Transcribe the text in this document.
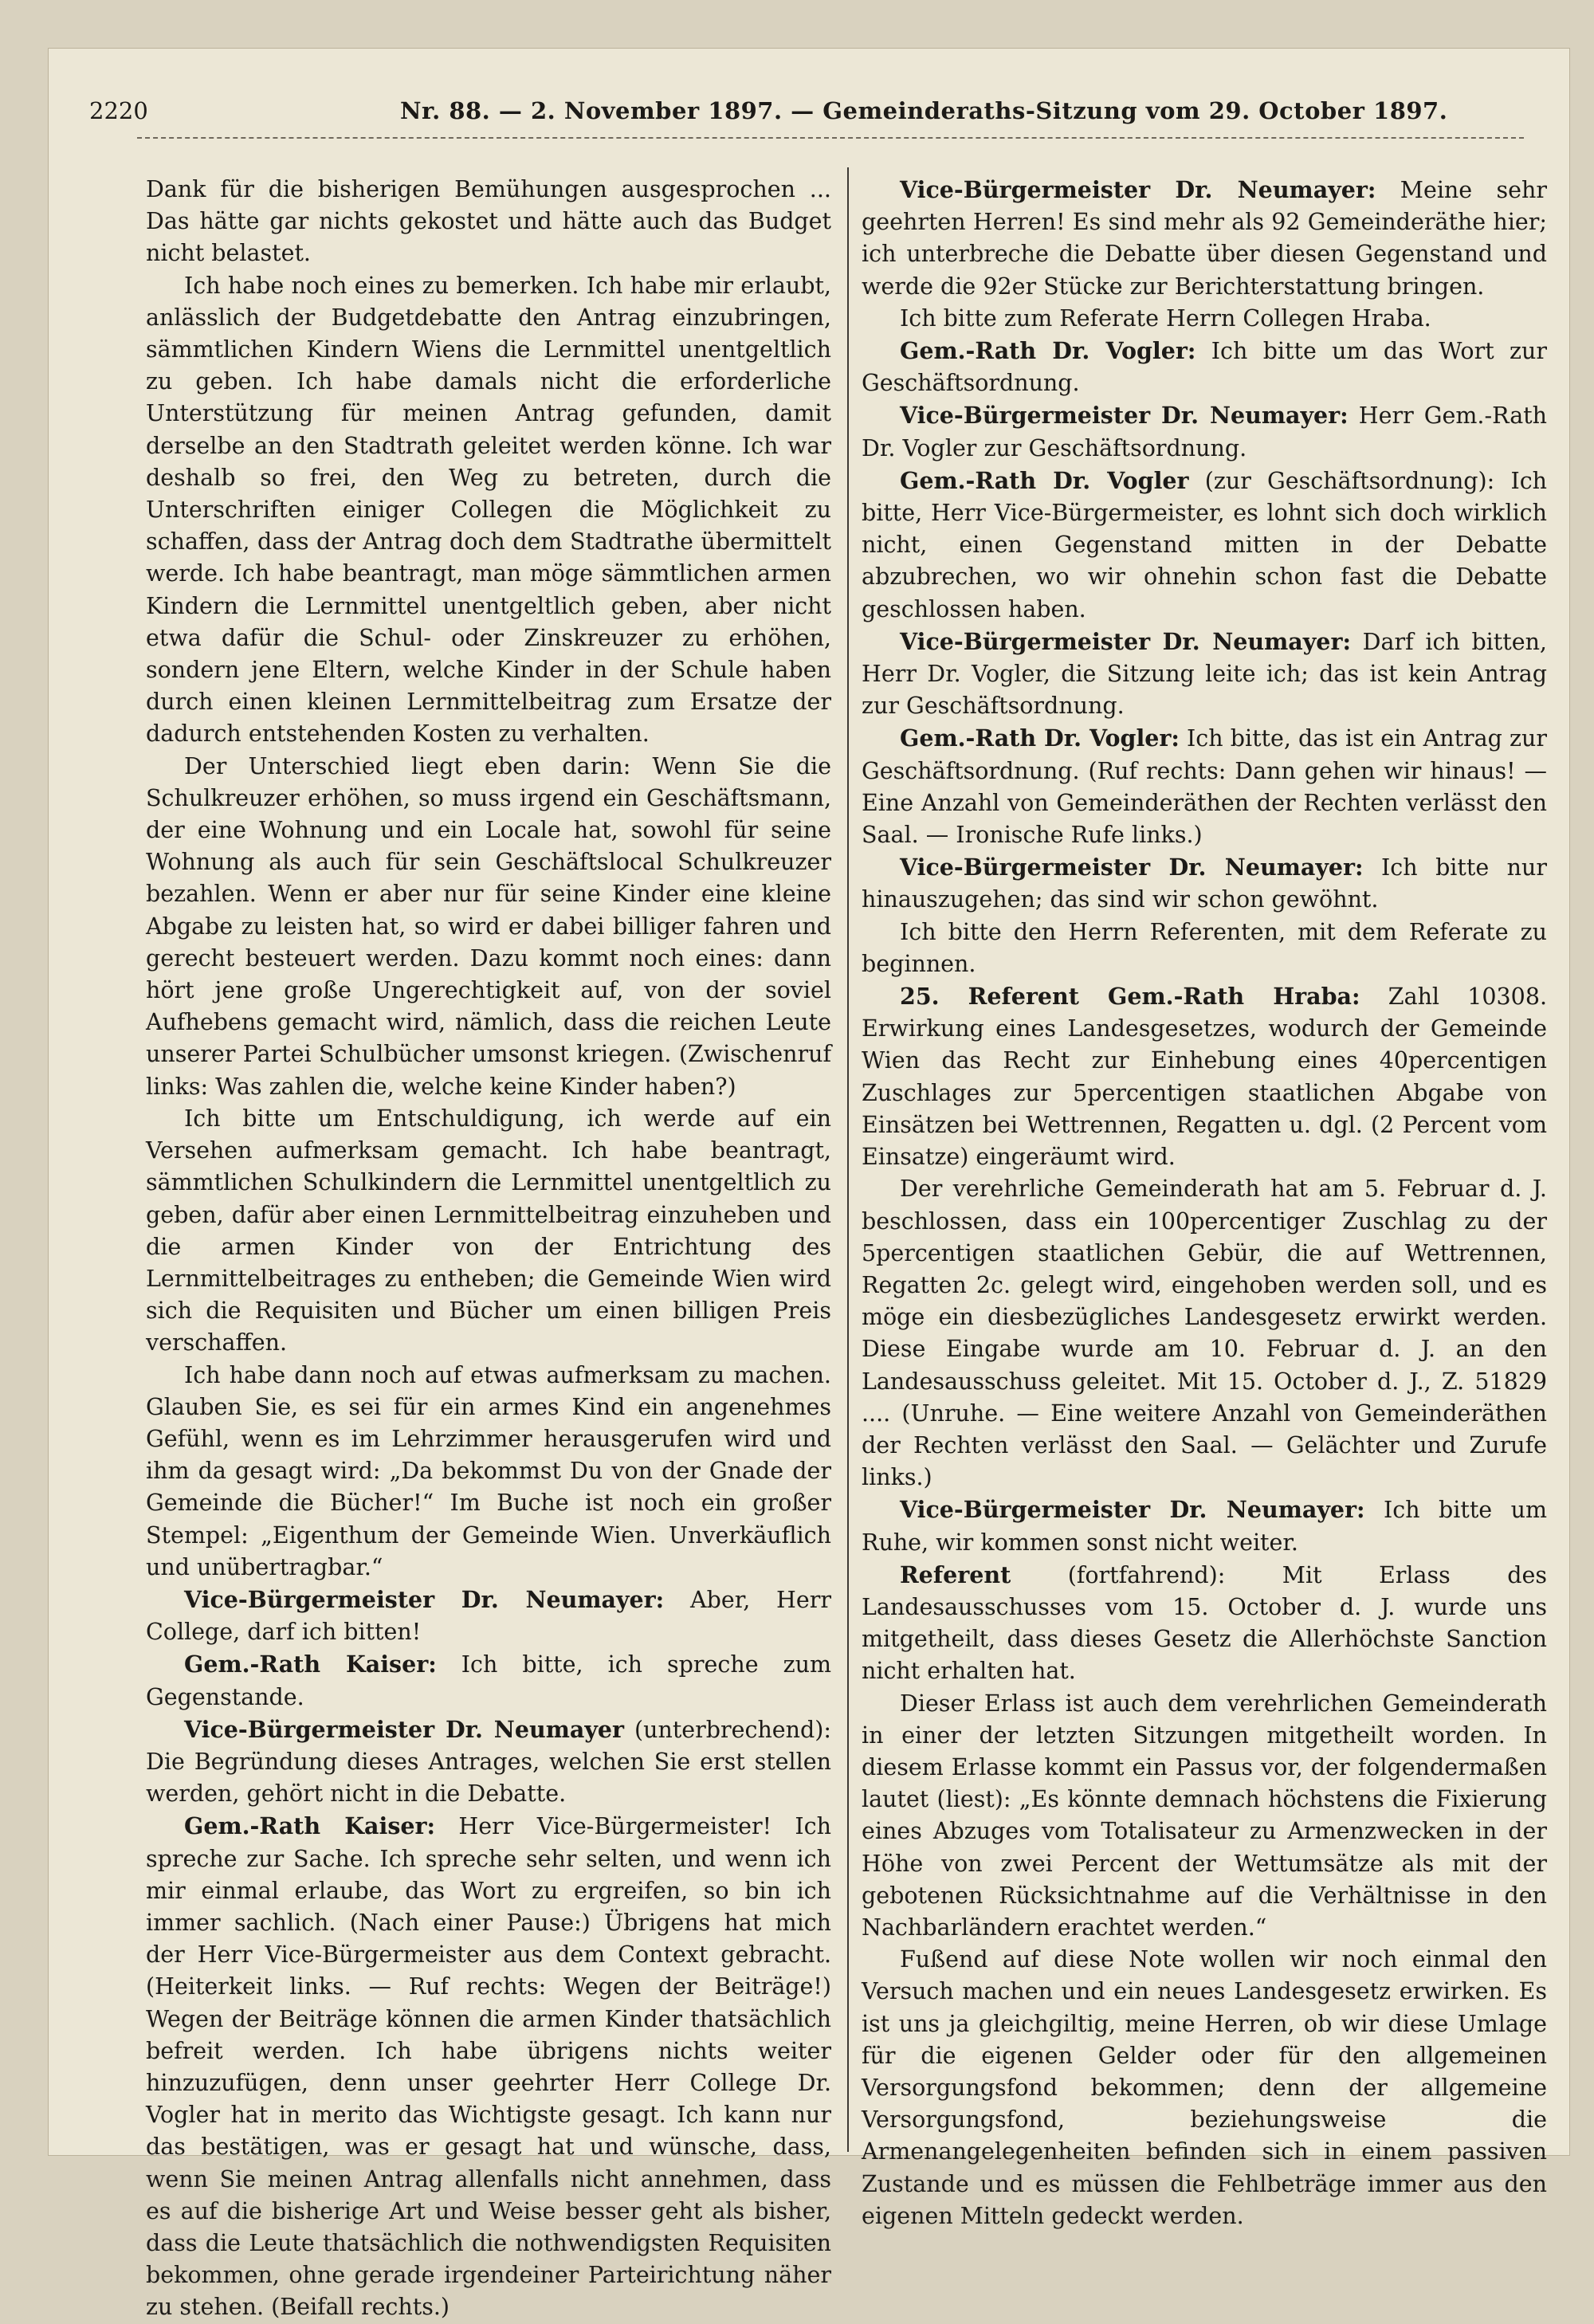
2220	Nr. 88. — 2. November 1897. — Gemeinderaths-Sitzung vom 29. October 1897.

Dank für die bisherigen Bemühungen ausgesprochen ... Das hätte gar nichts gekostet und hätte auch das Budget nicht belastet.

Ich habe noch eines zu bemerken. Ich habe mir erlaubt, anlässlich der Budgetdebatte den Antrag einzubringen, sämmtlichen Kindern Wiens die Lernmittel unentgeltlich zu geben. Ich habe damals nicht die erforderliche Unterstützung für meinen Antrag gefunden, damit derselbe an den Stadtrath geleitet werden könne. Ich war deshalb so frei, den Weg zu betreten, durch die Unterschriften einiger Collegen die Möglichkeit zu schaffen, dass der Antrag doch dem Stadtrathe übermittelt werde. Ich habe beantragt, man möge sämmtlichen armen Kindern die Lernmittel unentgeltlich geben, aber nicht etwa dafür die Schul- oder Zinskreuzer zu erhöhen, sondern jene Eltern, welche Kinder in der Schule haben durch einen kleinen Lernmittelbeitrag zum Ersatze der dadurch entstehenden Kosten zu verhalten.

Der Unterschied liegt eben darin: Wenn Sie die Schulkreuzer erhöhen, so muss irgend ein Geschäftsmann, der eine Wohnung und ein Locale hat, sowohl für seine Wohnung als auch für sein Geschäftslocal Schulkreuzer bezahlen. Wenn er aber nur für seine Kinder eine kleine Abgabe zu leisten hat, so wird er dabei billiger fahren und gerecht besteuert werden. Dazu kommt noch eines: dann hört jene große Ungerechtigkeit auf, von der soviel Aufhebens gemacht wird, nämlich, dass die reichen Leute unserer Partei Schulbücher umsonst kriegen. (Zwischenruf links: Was zahlen die, welche keine Kinder haben?)

Ich bitte um Entschuldigung, ich werde auf ein Versehen aufmerksam gemacht. Ich habe beantragt, sämmtlichen Schulkindern die Lernmittel unentgeltlich zu geben, dafür aber einen Lernmittelbeitrag einzuheben und die armen Kinder von der Entrichtung des Lernmittelbeitrages zu entheben; die Gemeinde Wien wird sich die Requisiten und Bücher um einen billigen Preis verschaffen.

Ich habe dann noch auf etwas aufmerksam zu machen. Glauben Sie, es sei für ein armes Kind ein angenehmes Gefühl, wenn es im Lehrzimmer herausgerufen wird und ihm da gesagt wird: „Da bekommst Du von der Gnade der Gemeinde die Bücher!“ Im Buche ist noch ein großer Stempel: „Eigenthum der Gemeinde Wien. Unverkäuflich und unübertragbar.“

Vice-Bürgermeister Dr. Neumayer: Aber, Herr College, darf ich bitten!

Gem.-Rath Kaiser: Ich bitte, ich spreche zum Gegenstande.

Vice-Bürgermeister Dr. Neumayer (unterbrechend): Die Begründung dieses Antrages, welchen Sie erst stellen werden, gehört nicht in die Debatte.

Gem.-Rath Kaiser: Herr Vice-Bürgermeister! Ich spreche zur Sache. Ich spreche sehr selten, und wenn ich mir einmal erlaube, das Wort zu ergreifen, so bin ich immer sachlich. (Nach einer Pause:) Übrigens hat mich der Herr Vice-Bürgermeister aus dem Context gebracht. (Heiterkeit links. — Ruf rechts: Wegen der Beiträge!) Wegen der Beiträge können die armen Kinder thatsächlich befreit werden. Ich habe übrigens nichts weiter hinzuzufügen, denn unser geehrter Herr College Dr. Vogler hat in merito das Wichtigste gesagt. Ich kann nur das bestätigen, was er gesagt hat und wünsche, dass, wenn Sie meinen Antrag allenfalls nicht annehmen, dass es auf die bisherige Art und Weise besser geht als bisher, dass die Leute thatsächlich die nothwendigsten Requisiten bekommen, ohne gerade irgendeiner Parteirichtung näher zu stehen. (Beifall rechts.)

Vice-Bürgermeister Dr. Neumayer: Meine sehr geehrten Herren! Es sind mehr als 92 Gemeinderäthe hier; ich unterbreche die Debatte über diesen Gegenstand und werde die 92er Stücke zur Berichterstattung bringen.

Ich bitte zum Referate Herrn Collegen Hraba.

Gem.-Rath Dr. Vogler: Ich bitte um das Wort zur Geschäftsordnung.

Vice-Bürgermeister Dr. Neumayer: Herr Gem.-Rath Dr. Vogler zur Geschäftsordnung.

Gem.-Rath Dr. Vogler (zur Geschäftsordnung): Ich bitte, Herr Vice-Bürgermeister, es lohnt sich doch wirklich nicht, einen Gegenstand mitten in der Debatte abzubrechen, wo wir ohnehin schon fast die Debatte geschlossen haben.

Vice-Bürgermeister Dr. Neumayer: Darf ich bitten, Herr Dr. Vogler, die Sitzung leite ich; das ist kein Antrag zur Geschäftsordnung.

Gem.-Rath Dr. Vogler: Ich bitte, das ist ein Antrag zur Geschäftsordnung. (Ruf rechts: Dann gehen wir hinaus! — Eine Anzahl von Gemeinderäthen der Rechten verlässt den Saal. — Ironische Rufe links.)

Vice-Bürgermeister Dr. Neumayer: Ich bitte nur hinauszugehen; das sind wir schon gewöhnt.

Ich bitte den Herrn Referenten, mit dem Referate zu beginnen.

25. Referent Gem.-Rath Hraba: Zahl 10308. Erwirkung eines Landesgesetzes, wodurch der Gemeinde Wien das Recht zur Einhebung eines 40percentigen Zuschlages zur 5percentigen staatlichen Abgabe von Einsätzen bei Wettrennen, Regatten u. dgl. (2 Percent vom Einsatze) eingeräumt wird.

Der verehrliche Gemeinderath hat am 5. Februar d. J. beschlossen, dass ein 100percentiger Zuschlag zu der 5percentigen staatlichen Gebür, die auf Wettrennen, Regatten 2c. gelegt wird, eingehoben werden soll, und es möge ein diesbezügliches Landesgesetz erwirkt werden. Diese Eingabe wurde am 10. Februar d. J. an den Landesausschuss geleitet. Mit 15. October d. J., Z. 51829 .... (Unruhe. — Eine weitere Anzahl von Gemeinderäthen der Rechten verlässt den Saal. — Gelächter und Zurufe links.)

Vice-Bürgermeister Dr. Neumayer: Ich bitte um Ruhe, wir kommen sonst nicht weiter.

Referent	(fortfahrend): Mit Erlass des Landesausschusses vom 15. October d. J. wurde uns mitgetheilt, dass dieses Gesetz die Allerhöchste Sanction nicht erhalten hat.

Dieser Erlass ist auch dem verehrlichen Gemeinderath in einer der letzten Sitzungen mitgetheilt worden. In diesem Erlasse kommt ein Passus vor, der folgendermaßen lautet (liest): „Es könnte demnach höchstens die Fixierung eines Abzuges vom Totalisateur zu Armenzwecken in der Höhe von zwei Percent der Wettumsätze als mit der gebotenen Rücksichtnahme auf die Verhältnisse in den Nachbarländern erachtet werden.“

Fußend auf diese Note wollen wir noch einmal den Versuch machen und ein neues Landesgesetz erwirken. Es ist uns ja gleichgiltig, meine Herren, ob wir diese Umlage für die eigenen Gelder oder für den allgemeinen Versorgungsfond bekommen; denn der allgemeine Versorgungsfond, beziehungsweise die Armenangelegenheiten befinden sich in einem passiven Zustande und es müssen die Fehlbeträge immer aus den eigenen Mitteln gedeckt werden.
